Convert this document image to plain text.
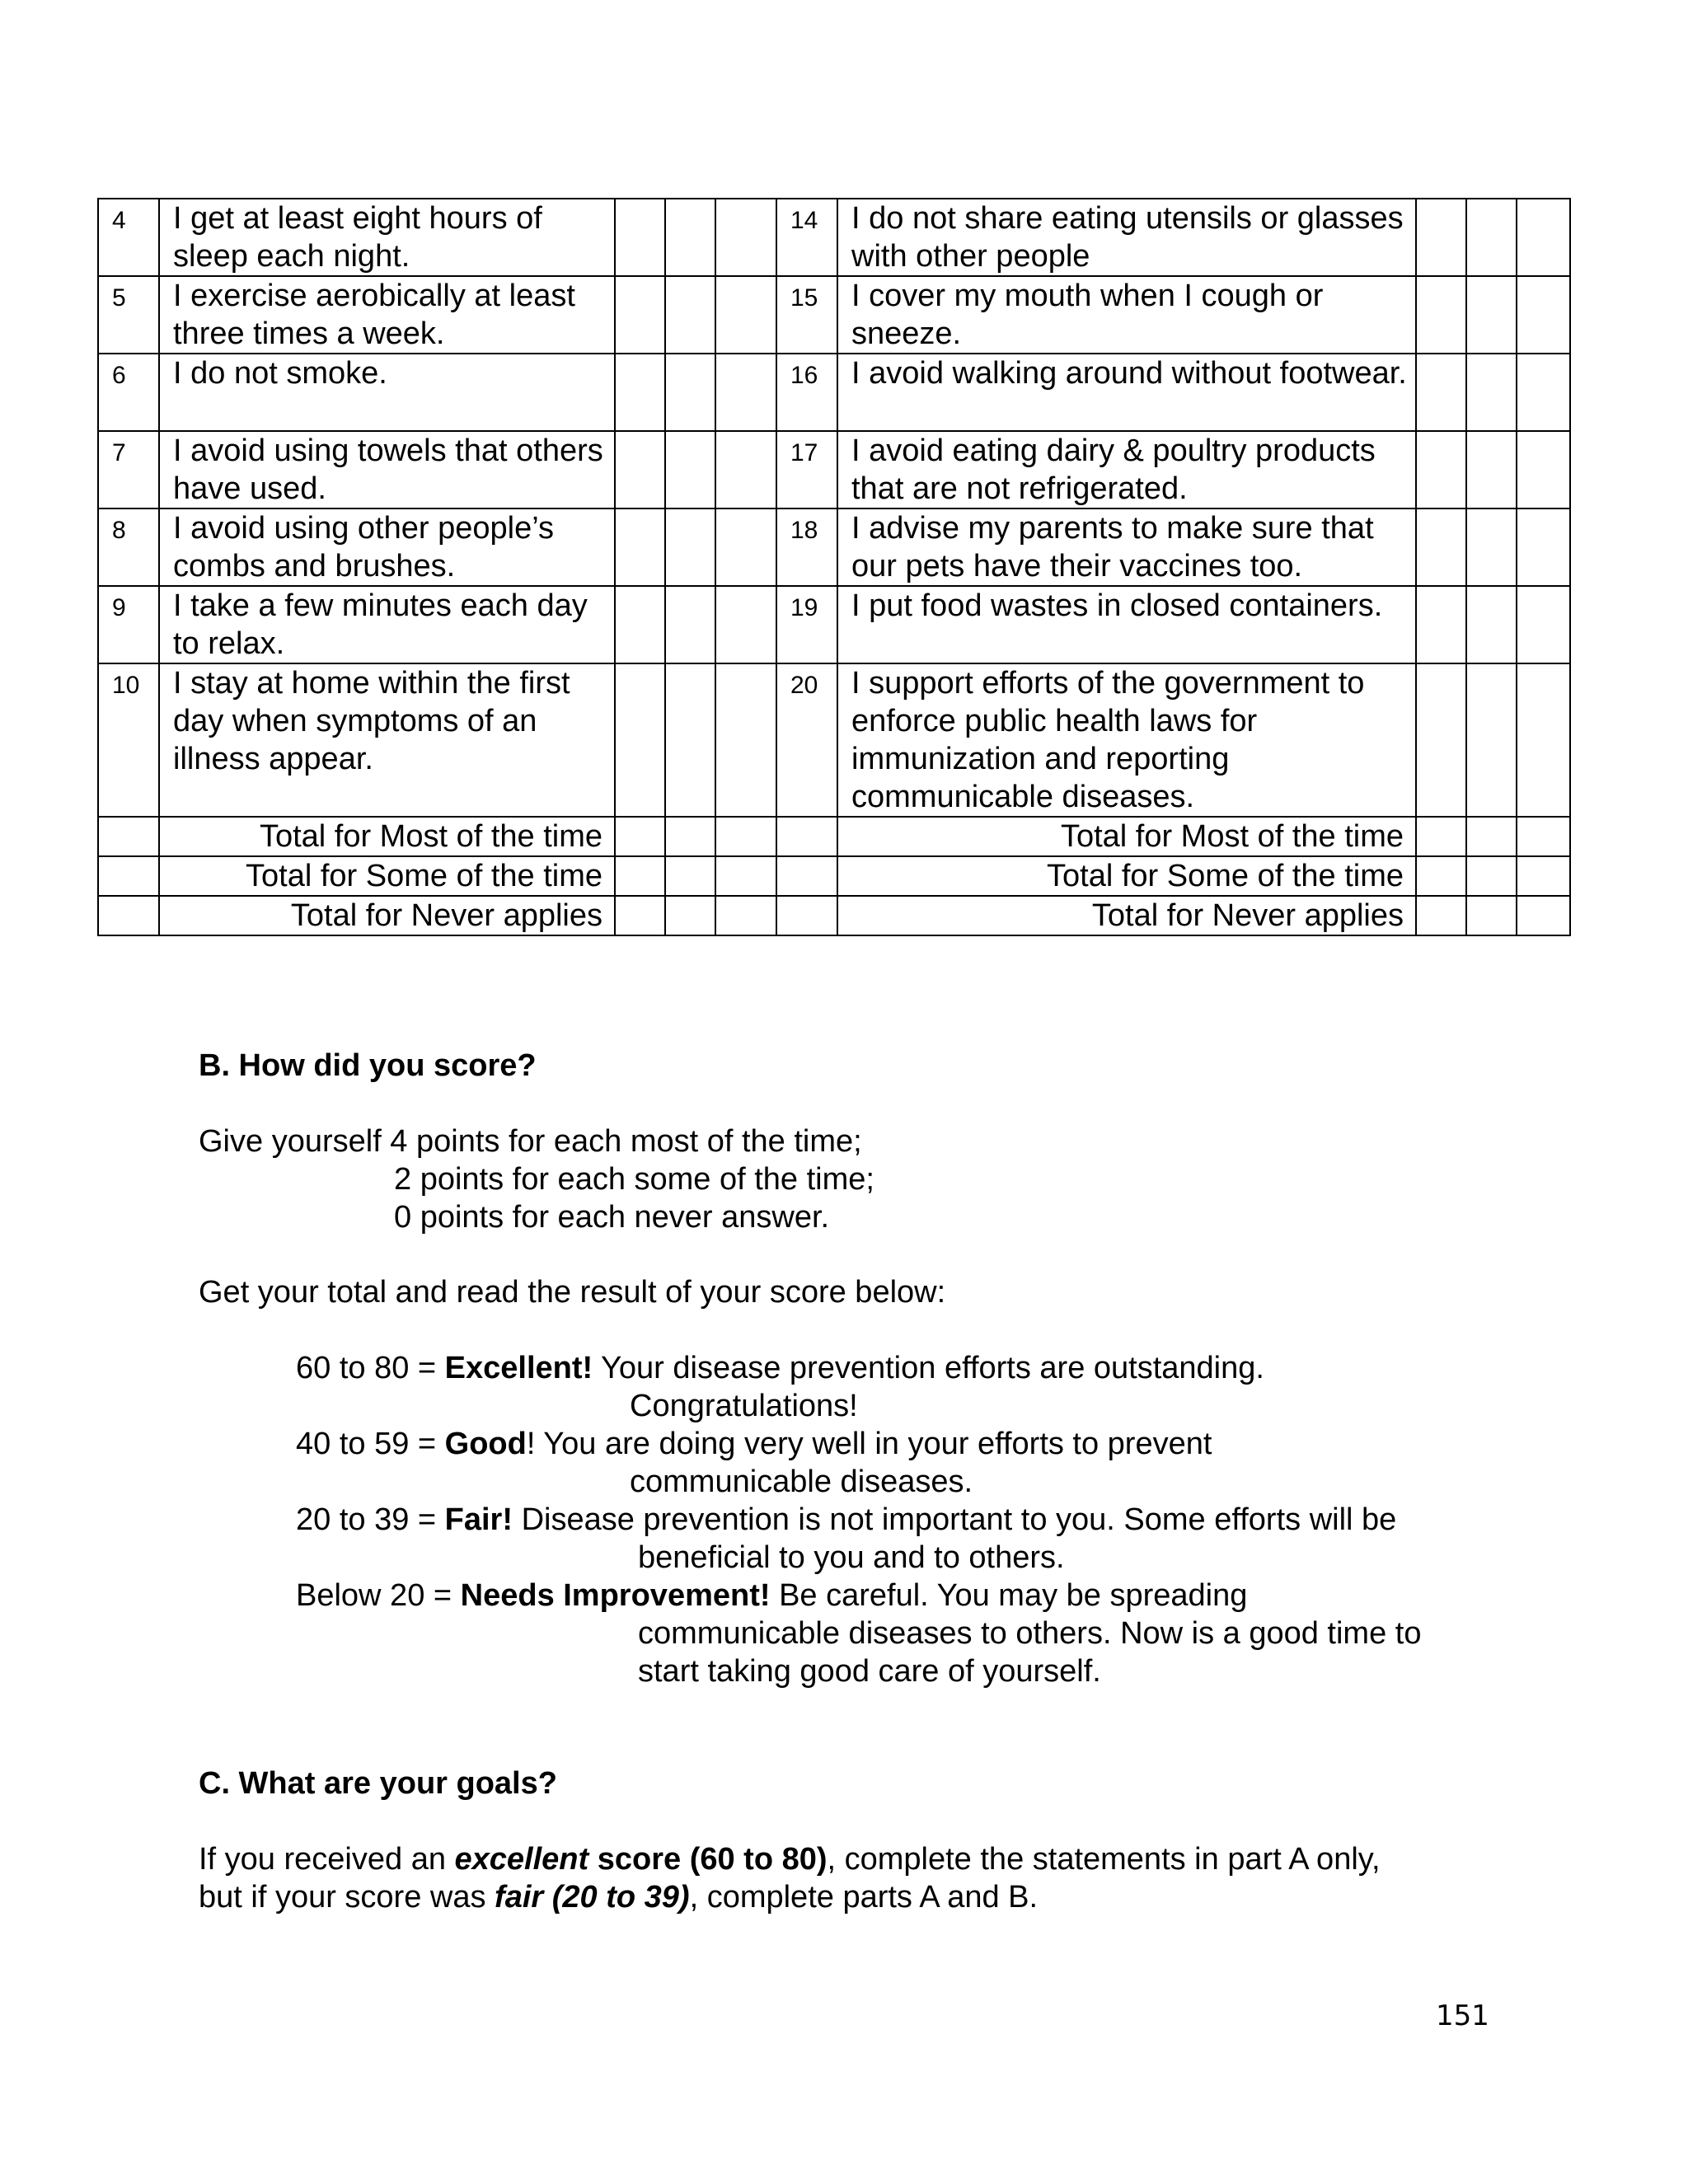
4	I get at least eight hours of sleep each night.				14	I do not share eating utensils or glasses with other people			
5	I exercise aerobically at least  three times a week.				15	I cover my mouth when I cough or sneeze.			
6	I do not smoke.				16	I avoid walking around without footwear.			
7	I avoid using towels that others have used.				17	I avoid eating dairy & poultry products that are not refrigerated.			
8	I avoid using other people’s combs and brushes.				18	I advise my parents to make sure that our pets have their vaccines too.			
9	I take a few minutes each day to relax.				19	I put food wastes in closed containers.			
10	I stay at home within the first day when symptoms of an illness appear.				20	I support efforts of the government to enforce public health laws for immunization and reporting communicable diseases.			
	Total for Most of the time					Total for Most of the time			
	Total for Some of the time					Total for Some of the time			
	Total for Never applies					Total for Never applies			
B. How did you score?
Give yourself 4 points for each most of the time;
2 points for each some of the time;
0 points for each never answer.
Get your total and read the result of your score below:
60 to 80 = Excellent! Your disease prevention efforts are outstanding.
Congratulations!
40 to 59 = Good! You are doing very well in your efforts to prevent
communicable diseases.
20 to 39 = Fair! Disease prevention is not important to you. Some efforts will be
beneficial to you and to others.
Below 20 = Needs Improvement! Be careful. You may be spreading
communicable diseases to others. Now is a good time to
start taking good care of yourself.
C. What are your goals?
If you received an excellent score (60 to 80), complete the statements in part A only,
but if your score was fair (20 to 39), complete parts A and B.
151
